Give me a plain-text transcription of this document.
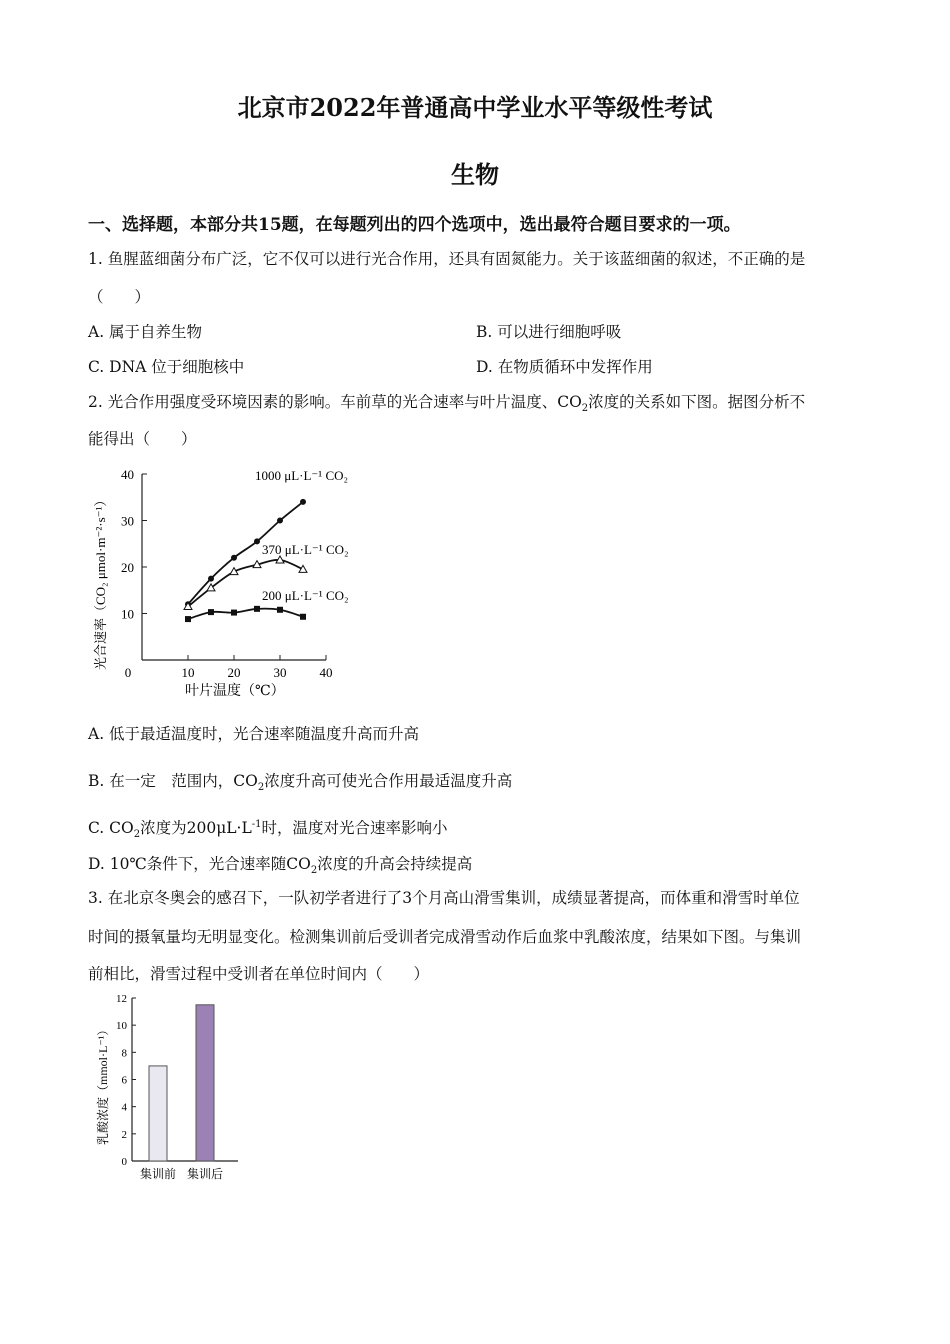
北京市2022年普通高中学业水平等级性考试
生物
一、选择题，本部分共15题，在每题列出的四个选项中，选出最符合题目要求的一项。
1. 鱼腥蓝细菌分布广泛，它不仅可以进行光合作用，还具有固氮能力。关于该蓝细菌的叙述，不正确的是
（　　）
A. 属于自养生物	B. 可以进行细胞呼吸
C. DNA 位于细胞核中	D. 在物质循环中发挥作用
2. 光合作用强度受环境因素的影响。车前草的光合速率与叶片温度、$CO_2$浓度的关系如下图。据图分析不
能得出（　　）
0	10	20	30	40
10
20
30
40	1000 μL·L⁻¹ CO₂
370 μL·L⁻¹ CO₂
200 μL·L⁻¹ CO₂
叶片温度（℃）
光合速率（CO₂ μmol·m⁻²·s⁻¹）
A. 低于最适温度时，光合速率随温度升高而升高
B. 在一定　范围内，$CO_2$浓度升高可使光合作用最适温度升高
C. $CO_2$浓度为$200\mu L\cdot L^{-1}$时，温度对光合速率影响小
D. 10℃条件下，光合速率随$CO_2$浓度的升高会持续提高
3. 在北京冬奥会的感召下，一队初学者进行了3个月高山滑雪集训，成绩显著提高，而体重和滑雪时单位
时间的摄氧量均无明显变化。检测集训前后受训者完成滑雪动作后血浆中乳酸浓度，结果如下图。与集训
前相比，滑雪过程中受训者在单位时间内（　　）
0
2
4
6
8
10
12
集训前 集训后
乳酸浓度（mmol·L⁻¹）
